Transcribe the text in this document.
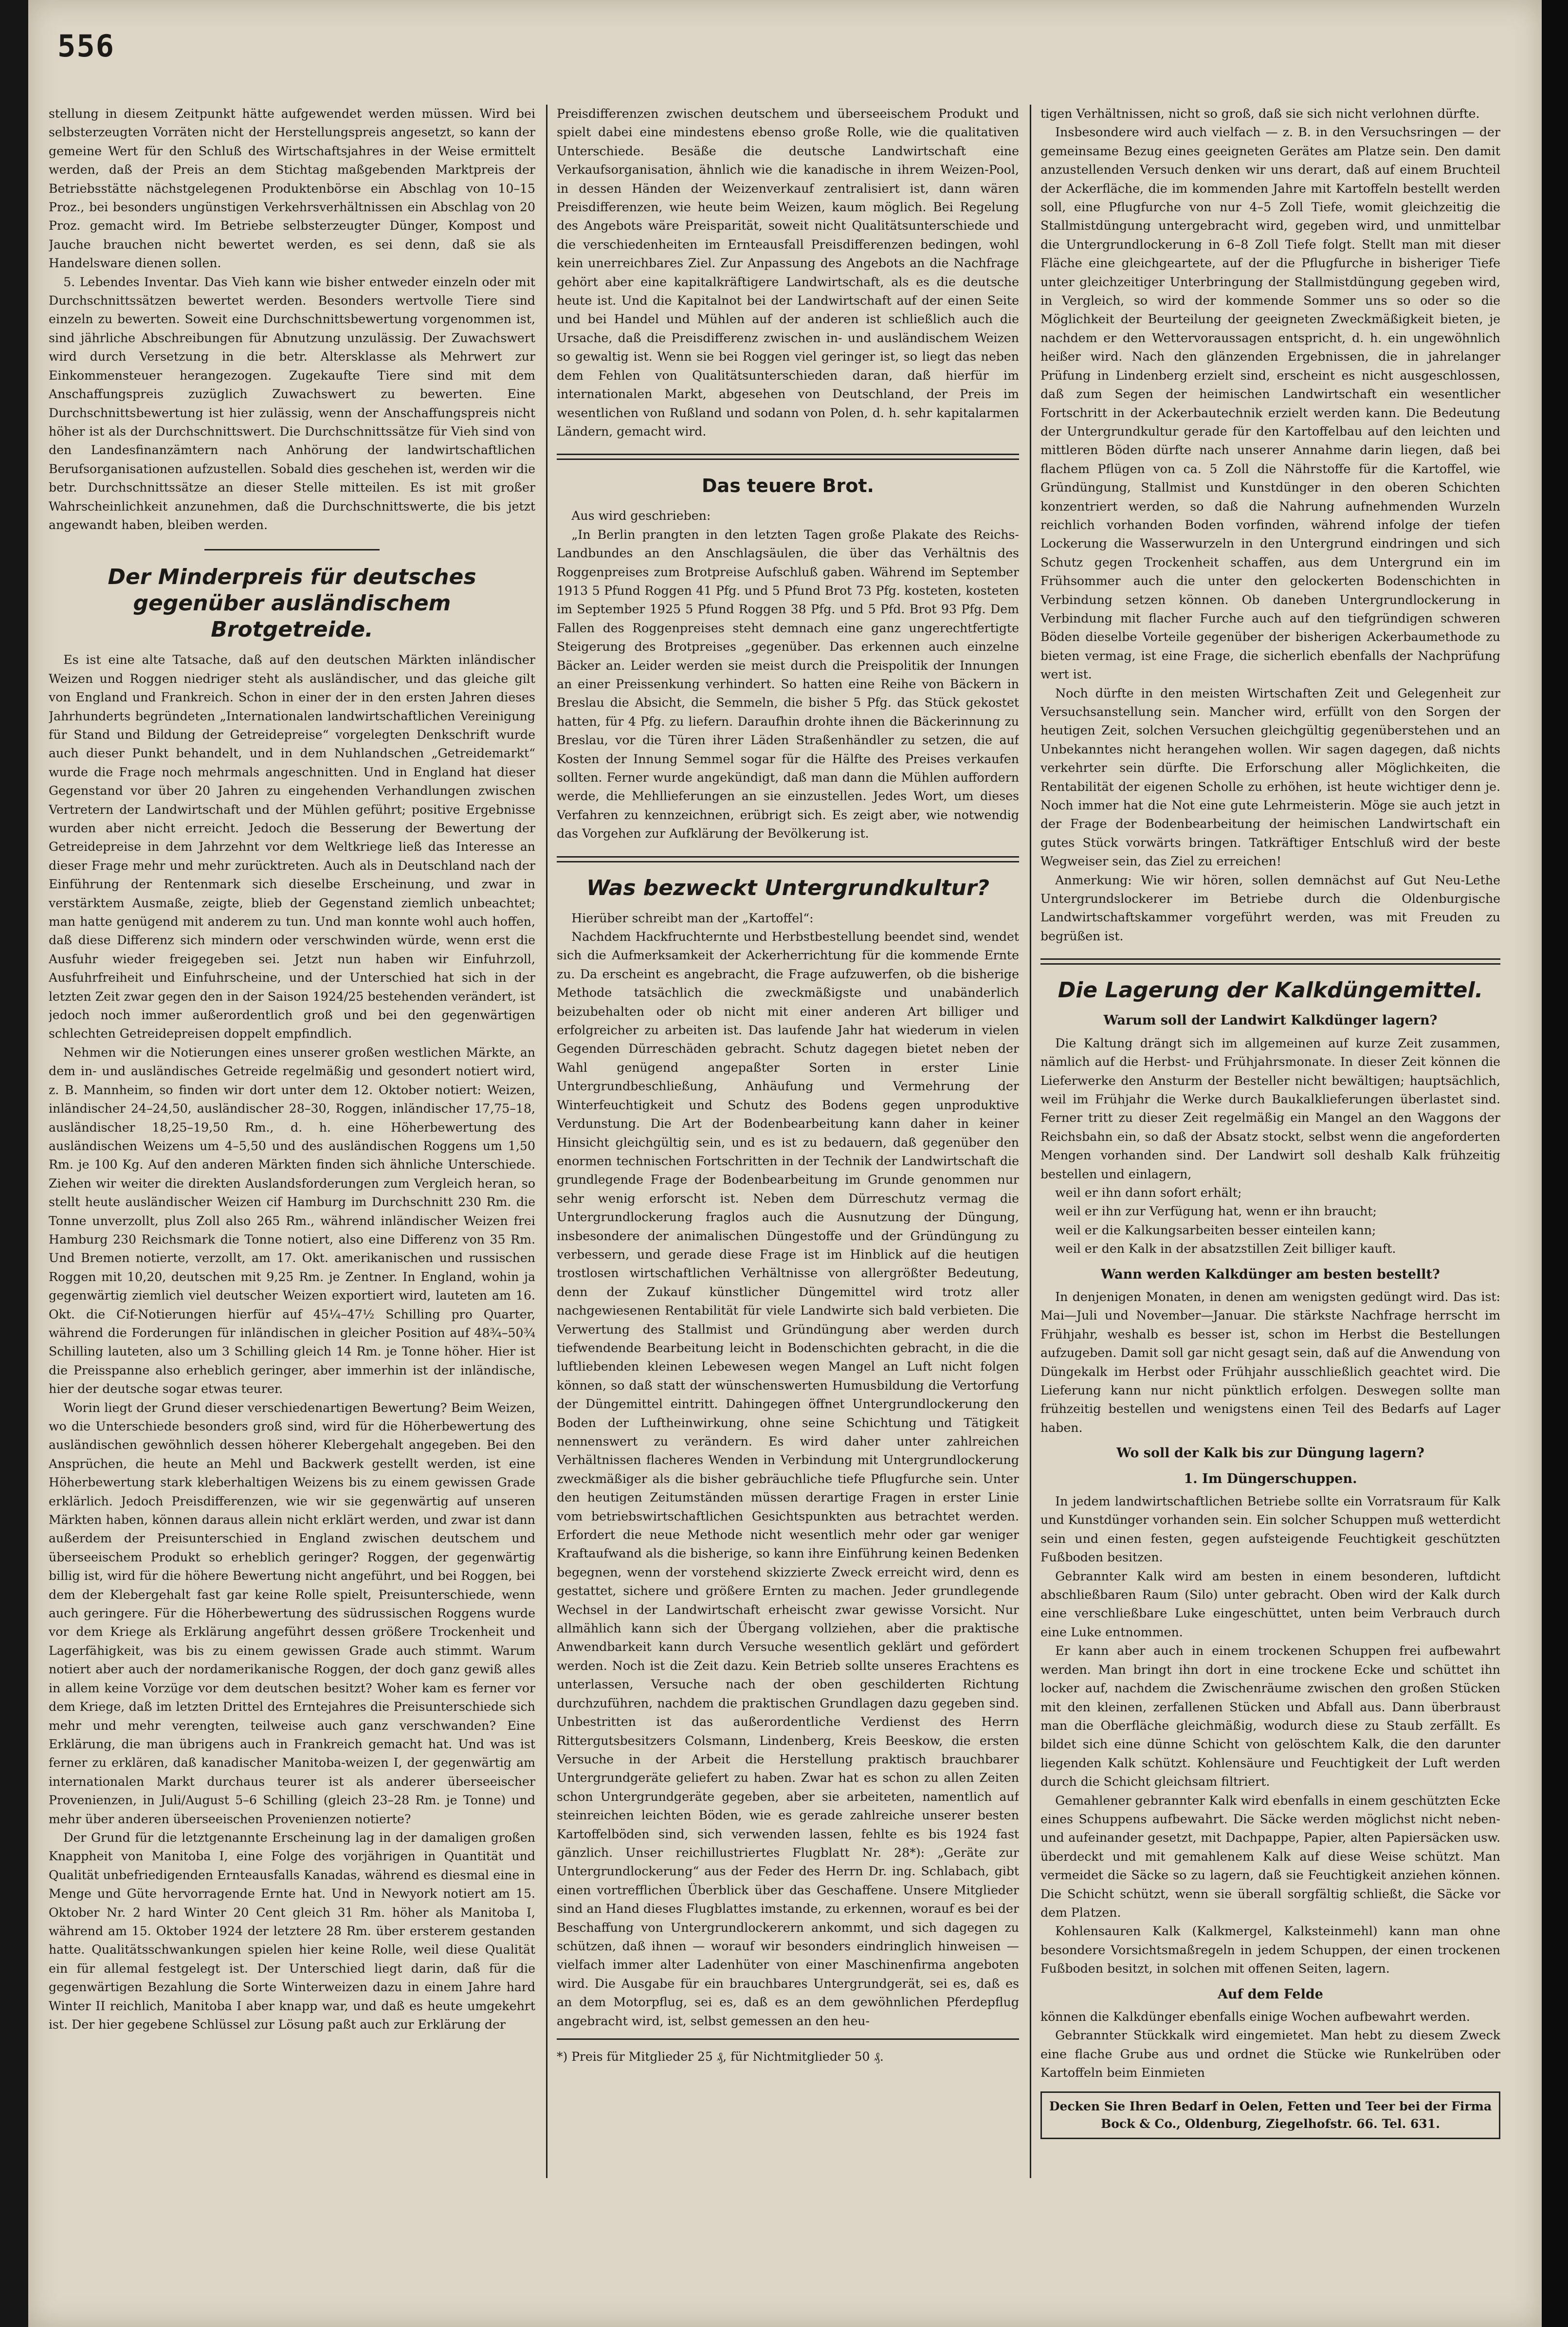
556

stellung in diesem Zeitpunkt hätte aufgewendet werden müssen. Wird bei selbsterzeugten Vorräten nicht der Herstellungspreis angesetzt, so kann der gemeine Wert für den Schluß des Wirtschaftsjahres in der Weise ermittelt werden, daß der Preis an dem Stichtag maßgebenden Marktpreis der Betriebsstätte nächstgelegenen Produktenbörse ein Abschlag von 10–15 Proz., bei besonders ungünstigen Verkehrsverhältnissen ein Abschlag von 20 Proz. gemacht wird. Im Betriebe selbsterzeugter Dünger, Kompost und Jauche brauchen nicht bewertet werden, es sei denn, daß sie als Handelsware dienen sollen.

5. Lebendes Inventar. Das Vieh kann wie bisher entweder einzeln oder mit Durchschnittssätzen bewertet werden. Besonders wertvolle Tiere sind einzeln zu bewerten. Soweit eine Durchschnittsbewertung vorgenommen ist, sind jährliche Abschreibungen für Abnutzung unzulässig. Der Zuwachswert wird durch Versetzung in die betr. Altersklasse als Mehrwert zur Einkommensteuer herangezogen. Zugekaufte Tiere sind mit dem Anschaffungspreis zuzüglich Zuwachswert zu bewerten. Eine Durchschnittsbewertung ist hier zulässig, wenn der Anschaffungspreis nicht höher ist als der Durchschnittswert. Die Durchschnittssätze für Vieh sind von den Landesfinanzämtern nach Anhörung der landwirtschaftlichen Berufsorganisationen aufzustellen. Sobald dies geschehen ist, werden wir die betr. Durchschnittssätze an dieser Stelle mitteilen. Es ist mit großer Wahrscheinlichkeit anzunehmen, daß die Durchschnittswerte, die bis jetzt angewandt haben, bleiben werden.

Der Minderpreis für deutsches gegenüber ausländischem Brotgetreide.

Es ist eine alte Tatsache, daß auf den deutschen Märkten inländischer Weizen und Roggen niedriger steht als ausländischer, und das gleiche gilt von England und Frankreich. Schon in einer der in den ersten Jahren dieses Jahrhunderts begründeten „Internationalen landwirtschaftlichen Vereinigung für Stand und Bildung der Getreidepreise“ vorgelegten Denkschrift wurde auch dieser Punkt behandelt, und in dem Nuhlandschen „Getreidemarkt“ wurde die Frage noch mehrmals angeschnitten. Und in England hat dieser Gegenstand vor über 20 Jahren zu eingehenden Verhandlungen zwischen Vertretern der Landwirtschaft und der Mühlen geführt; positive Ergebnisse wurden aber nicht erreicht. Jedoch die Besserung der Bewertung der Getreidepreise in dem Jahrzehnt vor dem Weltkriege ließ das Interesse an dieser Frage mehr und mehr zurücktreten. Auch als in Deutschland nach der Einführung der Rentenmark sich dieselbe Erscheinung, und zwar in verstärktem Ausmaße, zeigte, blieb der Gegenstand ziemlich unbeachtet; man hatte genügend mit anderem zu tun. Und man konnte wohl auch hoffen, daß diese Differenz sich mindern oder verschwinden würde, wenn erst die Ausfuhr wieder freigegeben sei. Jetzt nun haben wir Einfuhrzoll, Ausfuhrfreiheit und Einfuhrscheine, und der Unterschied hat sich in der letzten Zeit zwar gegen den in der Saison 1924/25 bestehenden verändert, ist jedoch noch immer außerordentlich groß und bei den gegenwärtigen schlechten Getreidepreisen doppelt empfindlich.

Nehmen wir die Notierungen eines unserer großen westlichen Märkte, an dem in- und ausländisches Getreide regelmäßig und gesondert notiert wird, z. B. Mannheim, so finden wir dort unter dem 12. Oktober notiert: Weizen, inländischer 24–24,50, ausländischer 28–30, Roggen, inländischer 17,75–18, ausländischer 18,25–19,50 Rm., d. h. eine Höherbewertung des ausländischen Weizens um 4–5,50 und des ausländischen Roggens um 1,50 Rm. je 100 Kg. Auf den anderen Märkten finden sich ähnliche Unterschiede. Ziehen wir weiter die direkten Auslandsforderungen zum Vergleich heran, so stellt heute ausländischer Weizen cif Hamburg im Durchschnitt 230 Rm. die Tonne unverzollt, plus Zoll also 265 Rm., während inländischer Weizen frei Hamburg 230 Reichsmark die Tonne notiert, also eine Differenz von 35 Rm. Und Bremen notierte, verzollt, am 17. Okt. amerikanischen und russischen Roggen mit 10,20, deutschen mit 9,25 Rm. je Zentner. In England, wohin ja gegenwärtig ziemlich viel deutscher Weizen exportiert wird, lauteten am 16. Okt. die Cif-Notierungen hierfür auf 45¼–47½ Schilling pro Quarter, während die Forderungen für inländischen in gleicher Position auf 48¾–50¾ Schilling lauteten, also um 3 Schilling gleich 14 Rm. je Tonne höher. Hier ist die Preisspanne also erheblich geringer, aber immerhin ist der inländische, hier der deutsche sogar etwas teurer.

Worin liegt der Grund dieser verschiedenartigen Bewertung? Beim Weizen, wo die Unterschiede besonders groß sind, wird für die Höherbewertung des ausländischen gewöhnlich dessen höherer Klebergehalt angegeben. Bei den Ansprüchen, die heute an Mehl und Backwerk gestellt werden, ist eine Höherbewertung stark kleberhaltigen Weizens bis zu einem gewissen Grade erklärlich. Jedoch Preisdifferenzen, wie wir sie gegenwärtig auf unseren Märkten haben, können daraus allein nicht erklärt werden, und zwar ist dann außerdem der Preisunterschied in England zwischen deutschem und überseeischem Produkt so erheblich geringer? Roggen, der gegenwärtig billig ist, wird für die höhere Bewertung nicht angeführt, und bei Roggen, bei dem der Klebergehalt fast gar keine Rolle spielt, Preisunterschiede, wenn auch geringere. Für die Höherbewertung des südrussischen Roggens wurde vor dem Kriege als Erklärung angeführt dessen größere Trockenheit und Lagerfähigkeit, was bis zu einem gewissen Grade auch stimmt. Warum notiert aber auch der nordamerikanische Roggen, der doch ganz gewiß alles in allem keine Vorzüge vor dem deutschen besitzt? Woher kam es ferner vor dem Kriege, daß im letzten Drittel des Erntejahres die Preisunterschiede sich mehr und mehr verengten, teilweise auch ganz verschwanden? Eine Erklärung, die man übrigens auch in Frankreich gemacht hat. Und was ist ferner zu erklären, daß kanadischer Manitoba-weizen I, der gegenwärtig am internationalen Markt durchaus teurer ist als anderer überseeischer Provenienzen, in Juli/August 5–6 Schilling (gleich 23–28 Rm. je Tonne) und mehr über anderen überseeischen Provenienzen notierte?

Der Grund für die letztgenannte Erscheinung lag in der damaligen großen Knappheit von Manitoba I, eine Folge des vorjährigen in Quantität und Qualität unbefriedigenden Ernteausfalls Kanadas, während es diesmal eine in Menge und Güte hervorragende Ernte hat. Und in Newyork notiert am 15. Oktober Nr. 2 hard Winter 20 Cent gleich 31 Rm. höher als Manitoba I, während am 15. Oktober 1924 der letztere 28 Rm. über ersterem gestanden hatte. Qualitätsschwankungen spielen hier keine Rolle, weil diese Qualität ein für allemal festgelegt ist. Der Unterschied liegt darin, daß für die gegenwärtigen Bezahlung die Sorte Winterweizen dazu in einem Jahre hard Winter II reichlich, Manitoba I aber knapp war, und daß es heute umgekehrt ist. Der hier gegebene Schlüssel zur Lösung paßt auch zur Erklärung der

Preisdifferenzen zwischen deutschem und überseeischem Produkt und spielt dabei eine mindestens ebenso große Rolle, wie die qualitativen Unterschiede. Besäße die deutsche Landwirtschaft eine Verkaufsorganisation, ähnlich wie die kanadische in ihrem Weizen-Pool, in dessen Händen der Weizenverkauf zentralisiert ist, dann wären Preisdifferenzen, wie heute beim Weizen, kaum möglich. Bei Regelung des Angebots wäre Preisparität, soweit nicht Qualitätsunterschiede und die verschiedenheiten im Ernteausfall Preisdifferenzen bedingen, wohl kein unerreichbares Ziel. Zur Anpassung des Angebots an die Nachfrage gehört aber eine kapitalkräftigere Landwirtschaft, als es die deutsche heute ist. Und die Kapitalnot bei der Landwirtschaft auf der einen Seite und bei Handel und Mühlen auf der anderen ist schließlich auch die Ursache, daß die Preisdifferenz zwischen in- und ausländischem Weizen so gewaltig ist. Wenn sie bei Roggen viel geringer ist, so liegt das neben dem Fehlen von Qualitätsunterschieden daran, daß hierfür im internationalen Markt, abgesehen von Deutschland, der Preis im wesentlichen von Rußland und sodann von Polen, d. h. sehr kapitalarmen Ländern, gemacht wird.

Das teuere Brot.

Aus wird geschrieben:

„In Berlin prangten in den letzten Tagen große Plakate des Reichs-Landbundes an den Anschlagsäulen, die über das Verhältnis des Roggenpreises zum Brotpreise Aufschluß gaben. Während im September 1913 5 Pfund Roggen 41 Pfg. und 5 Pfund Brot 73 Pfg. kosteten, kosteten im September 1925 5 Pfund Roggen 38 Pfg. und 5 Pfd. Brot 93 Pfg. Dem Fallen des Roggenpreises steht demnach eine ganz ungerechtfertigte Steigerung des Brotpreises „gegenüber. Das erkennen auch einzelne Bäcker an. Leider werden sie meist durch die Preispolitik der Innungen an einer Preissenkung verhindert. So hatten eine Reihe von Bäckern in Breslau die Absicht, die Semmeln, die bisher 5 Pfg. das Stück gekostet hatten, für 4 Pfg. zu liefern. Daraufhin drohte ihnen die Bäckerinnung zu Breslau, vor die Türen ihrer Läden Straßenhändler zu setzen, die auf Kosten der Innung Semmel sogar für die Hälfte des Preises verkaufen sollten. Ferner wurde angekündigt, daß man dann die Mühlen auffordern werde, die Mehllieferungen an sie einzustellen. Jedes Wort, um dieses Verfahren zu kennzeichnen, erübrigt sich. Es zeigt aber, wie notwendig das Vorgehen zur Aufklärung der Bevölkerung ist.

Was bezweckt Untergrundkultur?

Hierüber schreibt man der „Kartoffel“:

Nachdem Hackfruchternte und Herbstbestellung beendet sind, wendet sich die Aufmerksamkeit der Ackerherrichtung für die kommende Ernte zu. Da erscheint es angebracht, die Frage aufzuwerfen, ob die bisherige Methode tatsächlich die zweckmäßigste und unabänderlich beizubehalten oder ob nicht mit einer anderen Art billiger und erfolgreicher zu arbeiten ist. Das laufende Jahr hat wiederum in vielen Gegenden Dürreschäden gebracht. Schutz dagegen bietet neben der Wahl genügend angepaßter Sorten in erster Linie Untergrundbeschließung, Anhäufung und Vermehrung der Winterfeuchtigkeit und Schutz des Bodens gegen unproduktive Verdunstung. Die Art der Bodenbearbeitung kann daher in keiner Hinsicht gleichgültig sein, und es ist zu bedauern, daß gegenüber den enormen technischen Fortschritten in der Technik der Landwirtschaft die grundlegende Frage der Bodenbearbeitung im Grunde genommen nur sehr wenig erforscht ist. Neben dem Dürreschutz vermag die Untergrundlockerung fraglos auch die Ausnutzung der Düngung, insbesondere der animalischen Düngestoffe und der Gründüngung zu verbessern, und gerade diese Frage ist im Hinblick auf die heutigen trostlosen wirtschaftlichen Verhältnisse von allergrößter Bedeutung, denn der Zukauf künstlicher Düngemittel wird trotz aller nachgewiesenen Rentabilität für viele Landwirte sich bald verbieten. Die Verwertung des Stallmist und Gründüngung aber werden durch tiefwendende Bearbeitung leicht in Bodenschichten gebracht, in die die luftliebenden kleinen Lebewesen wegen Mangel an Luft nicht folgen können, so daß statt der wünschenswerten Humusbildung die Vertorfung der Düngemittel eintritt. Dahingegen öffnet Untergrundlockerung den Boden der Luftheinwirkung, ohne seine Schichtung und Tätigkeit nennenswert zu verändern. Es wird daher unter zahlreichen Verhältnissen flacheres Wenden in Verbindung mit Untergrundlockerung zweckmäßiger als die bisher gebräuchliche tiefe Pflugfurche sein. Unter den heutigen Zeitumständen müssen derartige Fragen in erster Linie vom betriebswirtschaftlichen Gesichtspunkten aus betrachtet werden. Erfordert die neue Methode nicht wesentlich mehr oder gar weniger Kraftaufwand als die bisherige, so kann ihre Einführung keinen Bedenken begegnen, wenn der vorstehend skizzierte Zweck erreicht wird, denn es gestattet, sichere und größere Ernten zu machen. Jeder grundlegende Wechsel in der Landwirtschaft erheischt zwar gewisse Vorsicht. Nur allmählich kann sich der Übergang vollziehen, aber die praktische Anwendbarkeit kann durch Versuche wesentlich geklärt und gefördert werden. Noch ist die Zeit dazu. Kein Betrieb sollte unseres Erachtens es unterlassen, Versuche nach der oben geschilderten Richtung durchzuführen, nachdem die praktischen Grundlagen dazu gegeben sind. Unbestritten ist das außerordentliche Verdienst des Herrn Rittergutsbesitzers Colsmann, Lindenberg, Kreis Beeskow, die ersten Versuche in der Arbeit die Herstellung praktisch brauchbarer Untergrundgeräte geliefert zu haben. Zwar hat es schon zu allen Zeiten schon Untergrundgeräte gegeben, aber sie arbeiteten, namentlich auf steinreichen leichten Böden, wie es gerade zahlreiche unserer besten Kartoffelböden sind, sich verwenden lassen, fehlte es bis 1924 fast gänzlich. Unser reichillustriertes Flugblatt Nr. 28*): „Geräte zur Untergrundlockerung“ aus der Feder des Herrn Dr. ing. Schlabach, gibt einen vortrefflichen Überblick über das Geschaffene. Unsere Mitglieder sind an Hand dieses Flugblattes imstande, zu erkennen, worauf es bei der Beschaffung von Untergrundlockerern ankommt, und sich dagegen zu schützen, daß ihnen — worauf wir besonders eindringlich hinweisen — vielfach immer alter Ladenhüter von einer Maschinenfirma angeboten wird. Die Ausgabe für ein brauchbares Untergrundgerät, sei es, daß es an dem Motorpflug, sei es, daß es an dem gewöhnlichen Pferdepflug angebracht wird, ist, selbst gemessen an den heu-

*) Preis für Mitglieder 25 ₰, für Nichtmitglieder 50 ₰.

tigen Verhältnissen, nicht so groß, daß sie sich nicht verlohnen dürfte.

Insbesondere wird auch vielfach — z. B. in den Versuchsringen — der gemeinsame Bezug eines geeigneten Gerätes am Platze sein. Den damit anzustellenden Versuch denken wir uns derart, daß auf einem Bruchteil der Ackerfläche, die im kommenden Jahre mit Kartoffeln bestellt werden soll, eine Pflugfurche von nur 4–5 Zoll Tiefe, womit gleichzeitig die Stallmistdüngung untergebracht wird, gegeben wird, und unmittelbar die Untergrundlockerung in 6–8 Zoll Tiefe folgt. Stellt man mit dieser Fläche eine gleichgeartete, auf der die Pflugfurche in bisheriger Tiefe unter gleichzeitiger Unterbringung der Stallmistdüngung gegeben wird, in Vergleich, so wird der kommende Sommer uns so oder so die Möglichkeit der Beurteilung der geeigneten Zweckmäßigkeit bieten, je nachdem er den Wettervoraussagen entspricht, d. h. ein ungewöhnlich heißer wird. Nach den glänzenden Ergebnissen, die in jahrelanger Prüfung in Lindenberg erzielt sind, erscheint es nicht ausgeschlossen, daß zum Segen der heimischen Landwirtschaft ein wesentlicher Fortschritt in der Ackerbautechnik erzielt werden kann. Die Bedeutung der Untergrundkultur gerade für den Kartoffelbau auf den leichten und mittleren Böden dürfte nach unserer Annahme darin liegen, daß bei flachem Pflügen von ca. 5 Zoll die Nährstoffe für die Kartoffel, wie Gründüngung, Stallmist und Kunstdünger in den oberen Schichten konzentriert werden, so daß die Nahrung aufnehmenden Wurzeln reichlich vorhanden Boden vorfinden, während infolge der tiefen Lockerung die Wasserwurzeln in den Untergrund eindringen und sich Schutz gegen Trockenheit schaffen, aus dem Untergrund ein im Frühsommer auch die unter den gelockerten Bodenschichten in Verbindung setzen können. Ob daneben Untergrundlockerung in Verbindung mit flacher Furche auch auf den tiefgründigen schweren Böden dieselbe Vorteile gegenüber der bisherigen Ackerbaumethode zu bieten vermag, ist eine Frage, die sicherlich ebenfalls der Nachprüfung wert ist.

Noch dürfte in den meisten Wirtschaften Zeit und Gelegenheit zur Versuchsanstellung sein. Mancher wird, erfüllt von den Sorgen der heutigen Zeit, solchen Versuchen gleichgültig gegenüberstehen und an Unbekanntes nicht herangehen wollen. Wir sagen dagegen, daß nichts verkehrter sein dürfte. Die Erforschung aller Möglichkeiten, die Rentabilität der eigenen Scholle zu erhöhen, ist heute wichtiger denn je. Noch immer hat die Not eine gute Lehrmeisterin. Möge sie auch jetzt in der Frage der Bodenbearbeitung der heimischen Landwirtschaft ein gutes Stück vorwärts bringen. Tatkräftiger Entschluß wird der beste Wegweiser sein, das Ziel zu erreichen!

Anmerkung: Wie wir hören, sollen demnächst auf Gut Neu-Lethe Untergrundslockerer im Betriebe durch die Oldenburgische Landwirtschaftskammer vorgeführt werden, was mit Freuden zu begrüßen ist.

Die Lagerung der Kalkdüngemittel.
Warum soll der Landwirt Kalkdünger lagern?

Die Kaltung drängt sich im allgemeinen auf kurze Zeit zusammen, nämlich auf die Herbst- und Frühjahrsmonate. In dieser Zeit können die Lieferwerke den Ansturm der Besteller nicht bewältigen; hauptsächlich, weil im Frühjahr die Werke durch Baukalklieferungen überlastet sind. Ferner tritt zu dieser Zeit regelmäßig ein Mangel an den Waggons der Reichsbahn ein, so daß der Absatz stockt, selbst wenn die angeforderten Mengen vorhanden sind. Der Landwirt soll deshalb Kalk frühzeitig bestellen und einlagern,

weil er ihn dann sofort erhält;

weil er ihn zur Verfügung hat, wenn er ihn braucht;

weil er die Kalkungsarbeiten besser einteilen kann;

weil er den Kalk in der absatzstillen Zeit billiger kauft.

Wann werden Kalkdünger am besten bestellt?

In denjenigen Monaten, in denen am wenigsten gedüngt wird. Das ist: Mai—Juli und November—Januar. Die stärkste Nachfrage herrscht im Frühjahr, weshalb es besser ist, schon im Herbst die Bestellungen aufzugeben. Damit soll gar nicht gesagt sein, daß auf die Anwendung von Düngekalk im Herbst oder Frühjahr ausschließlich geachtet wird. Die Lieferung kann nur nicht pünktlich erfolgen. Deswegen sollte man frühzeitig bestellen und wenigstens einen Teil des Bedarfs auf Lager haben.

Wo soll der Kalk bis zur Düngung lagern?
1. Im Düngerschuppen.

In jedem landwirtschaftlichen Betriebe sollte ein Vorratsraum für Kalk und Kunstdünger vorhanden sein. Ein solcher Schuppen muß wetterdicht sein und einen festen, gegen aufsteigende Feuchtigkeit geschützten Fußboden besitzen.

Gebrannter Kalk wird am besten in einem besonderen, luftdicht abschließbaren Raum (Silo) unter gebracht. Oben wird der Kalk durch eine verschließbare Luke eingeschüttet, unten beim Verbrauch durch eine Luke entnommen.

Er kann aber auch in einem trockenen Schuppen frei aufbewahrt werden. Man bringt ihn dort in eine trockene Ecke und schüttet ihn locker auf, nachdem die Zwischenräume zwischen den großen Stücken mit den kleinen, zerfallenen Stücken und Abfall aus. Dann überbraust man die Oberfläche gleichmäßig, wodurch diese zu Staub zerfällt. Es bildet sich eine dünne Schicht von gelöschtem Kalk, die den darunter liegenden Kalk schützt. Kohlensäure und Feuchtigkeit der Luft werden durch die Schicht gleichsam filtriert.

Gemahlener gebrannter Kalk wird ebenfalls in einem geschützten Ecke eines Schuppens aufbewahrt. Die Säcke werden möglichst nicht neben- und aufeinander gesetzt, mit Dachpappe, Papier, alten Papiersäcken usw. überdeckt und mit gemahlenem Kalk auf diese Weise schützt. Man vermeidet die Säcke so zu lagern, daß sie Feuchtigkeit anziehen können. Die Schicht schützt, wenn sie überall sorgfältig schließt, die Säcke vor dem Platzen.

Kohlensauren Kalk (Kalkmergel, Kalksteinmehl) kann man ohne besondere Vorsichtsmaßregeln in jedem Schuppen, der einen trockenen Fußboden besitzt, in solchen mit offenen Seiten, lagern.

Auf dem Felde

können die Kalkdünger ebenfalls einige Wochen aufbewahrt werden.

Gebrannter Stückkalk wird eingemietet. Man hebt zu diesem Zweck eine flache Grube aus und ordnet die Stücke wie Runkelrüben oder Kartoffeln beim Einmieten

Decken Sie Ihren Bedarf in Oelen, Fetten und Teer bei der Firma Bock & Co., Oldenburg, Ziegelhofstr. 66. Tel. 631.
